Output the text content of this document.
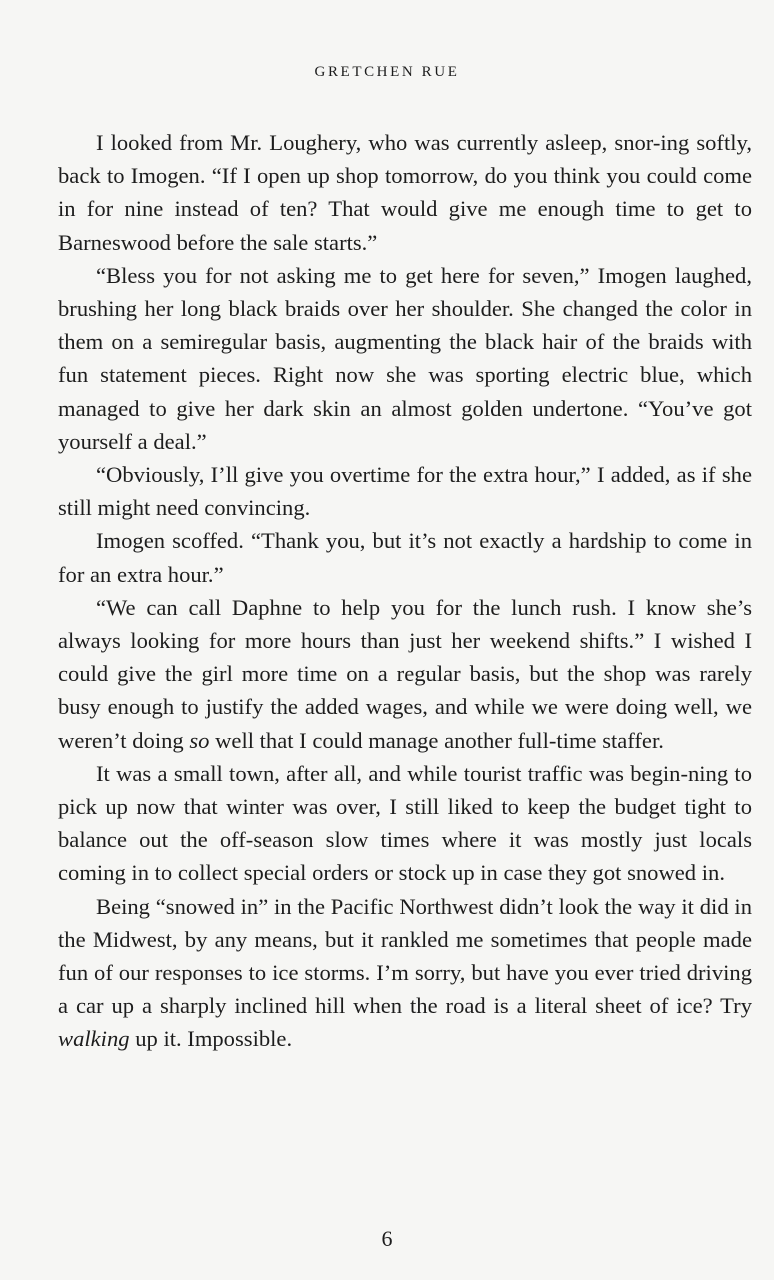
GRETCHEN RUE

I looked from Mr. Loughery, who was currently asleep, snor-ing softly, back to Imogen. “If I open up shop tomorrow, do you think you could come in for nine instead of ten? That would give me enough time to get to Barneswood before the sale starts.”

“Bless you for not asking me to get here for seven,” Imogen laughed, brushing her long black braids over her shoulder. She changed the color in them on a semiregular basis, augmenting the black hair of the braids with fun statement pieces. Right now she was sporting electric blue, which managed to give her dark skin an almost golden undertone. “You’ve got yourself a deal.”

“Obviously, I’ll give you overtime for the extra hour,” I added, as if she still might need convincing.

Imogen scoffed. “Thank you, but it’s not exactly a hardship to come in for an extra hour.”

“We can call Daphne to help you for the lunch rush. I know she’s always looking for more hours than just her weekend shifts.” I wished I could give the girl more time on a regular basis, but the shop was rarely busy enough to justify the added wages, and while we were doing well, we weren’t doing so well that I could manage another full-time staffer.

It was a small town, after all, and while tourist traffic was begin-ning to pick up now that winter was over, I still liked to keep the budget tight to balance out the off-season slow times where it was mostly just locals coming in to collect special orders or stock up in case they got snowed in.

Being “snowed in” in the Pacific Northwest didn’t look the way it did in the Midwest, by any means, but it rankled me sometimes that people made fun of our responses to ice storms. I’m sorry, but have you ever tried driving a car up a sharply inclined hill when the road is a literal sheet of ice? Try walking up it. Impossible.

6
